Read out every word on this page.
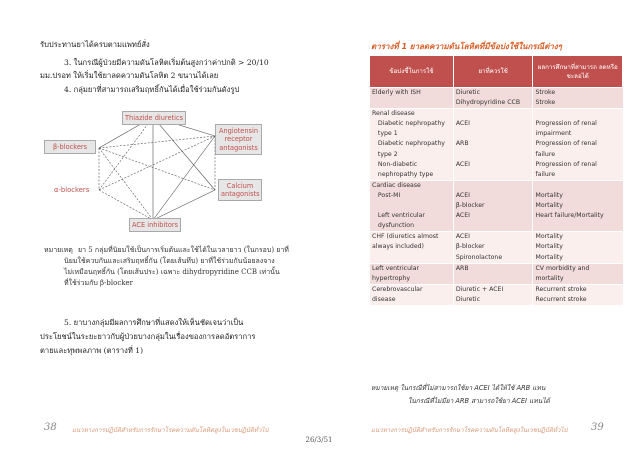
รับประทานยาได้ครบตามแพทย์สั่ง
3. ในกรณีผู้ป่วยมีความดันโลหิตเริ่มต้นสูงกว่าค่าปกติ > 20/10
มม.ปรอท ให้เริ่มใช้ยาลดความดันโลหิต 2 ขนานได้เลย
4. กลุ่มยาที่สามารถเสริมฤทธิ์กันได้เมื่อใช้ร่วมกันดังรูป
Thiazide diuretics
β-blockers
Angiotensin
receptor
antagonists
α-blockers
Calcium
antagonists
ACE inhibitors
หมายเหตุ ยา 5 กลุ่มที่นิยมใช้เป็นการเริ่มต้นและใช้ได้ในเวลายาว (ในกรอบ) ยาที่
นิยมใช้ควบกันและเสริมฤทธิ์กัน (โดยเส้นทึบ) ยาที่ใช้ร่วมกันน้อยลงจาง
ไม่เหมือนฤทธิ์กัน (โดยเส้นประ) เฉพาะ dihydropyridine CCB เท่านั้น
ที่ใช้ร่วมกับ β-blocker
5. ยาบางกลุ่มมีผลการศึกษาที่แสดงให้เห็นชัดเจนว่าเป็น
ประโยชน์ในระยะยาวกับผู้ป่วยบางกลุ่มในเรื่องของการลดอัตราการ
ตายและทุพพลภาพ (ตารางที่ 1)
38 แนวทางการปฏิบัติสำหรับการรักษาโรคความดันโลหิตสูงในเวชปฏิบัติทั่วไป
ตารางที่ 1 ยาลดความดันโลหิตที่มีข้อบ่งใช้ในกรณีต่างๆ
ข้อบ่งชี้ในการใช้	ยาที่ควรใช้	ผลการศึกษาที่สามารถ ลดหรือชะลอได้
Elderly with ISH	Diuretic	Stroke
	Dihydropyridine CCB	Stroke
Renal disease		
Diabetic nephropathy	ACEI	Progression of renal
type 1		impairment
Diabetic nephropathy	ARB	Progression of renal
type 2		failure
Non-diabetic	ACEI	Progression of renal
nephropathy type		failure
Cardiac disease		
Post-MI	ACEI	Mortality
	β-blocker	Mortality
Left ventricular	ACEI	Heart failure/Mortality
dysfunction		
CHF (diuretics almost	ACEI	Mortality
always included)	β-blocker	Mortality
	Spironolactone	Mortality
Left ventricular	ARB	CV morbidity and
hypertrophy		mortality
Cerebrovascular	Diuretic + ACEI	Recurrent stroke
disease	Diuretic	Recurrent stroke
หมายเหตุ ในกรณีที่ไม่สามารถใช้ยา ACEI ได้ให้ใช้ ARB แทน
ในกรณีที่ไม่มียา ARB สามารถใช้ยา ACEI แทนได้
แนวทางการปฏิบัติสำหรับการรักษาโรคความดันโลหิตสูงในเวชปฏิบัติทั่วไป 39
26/3/51
